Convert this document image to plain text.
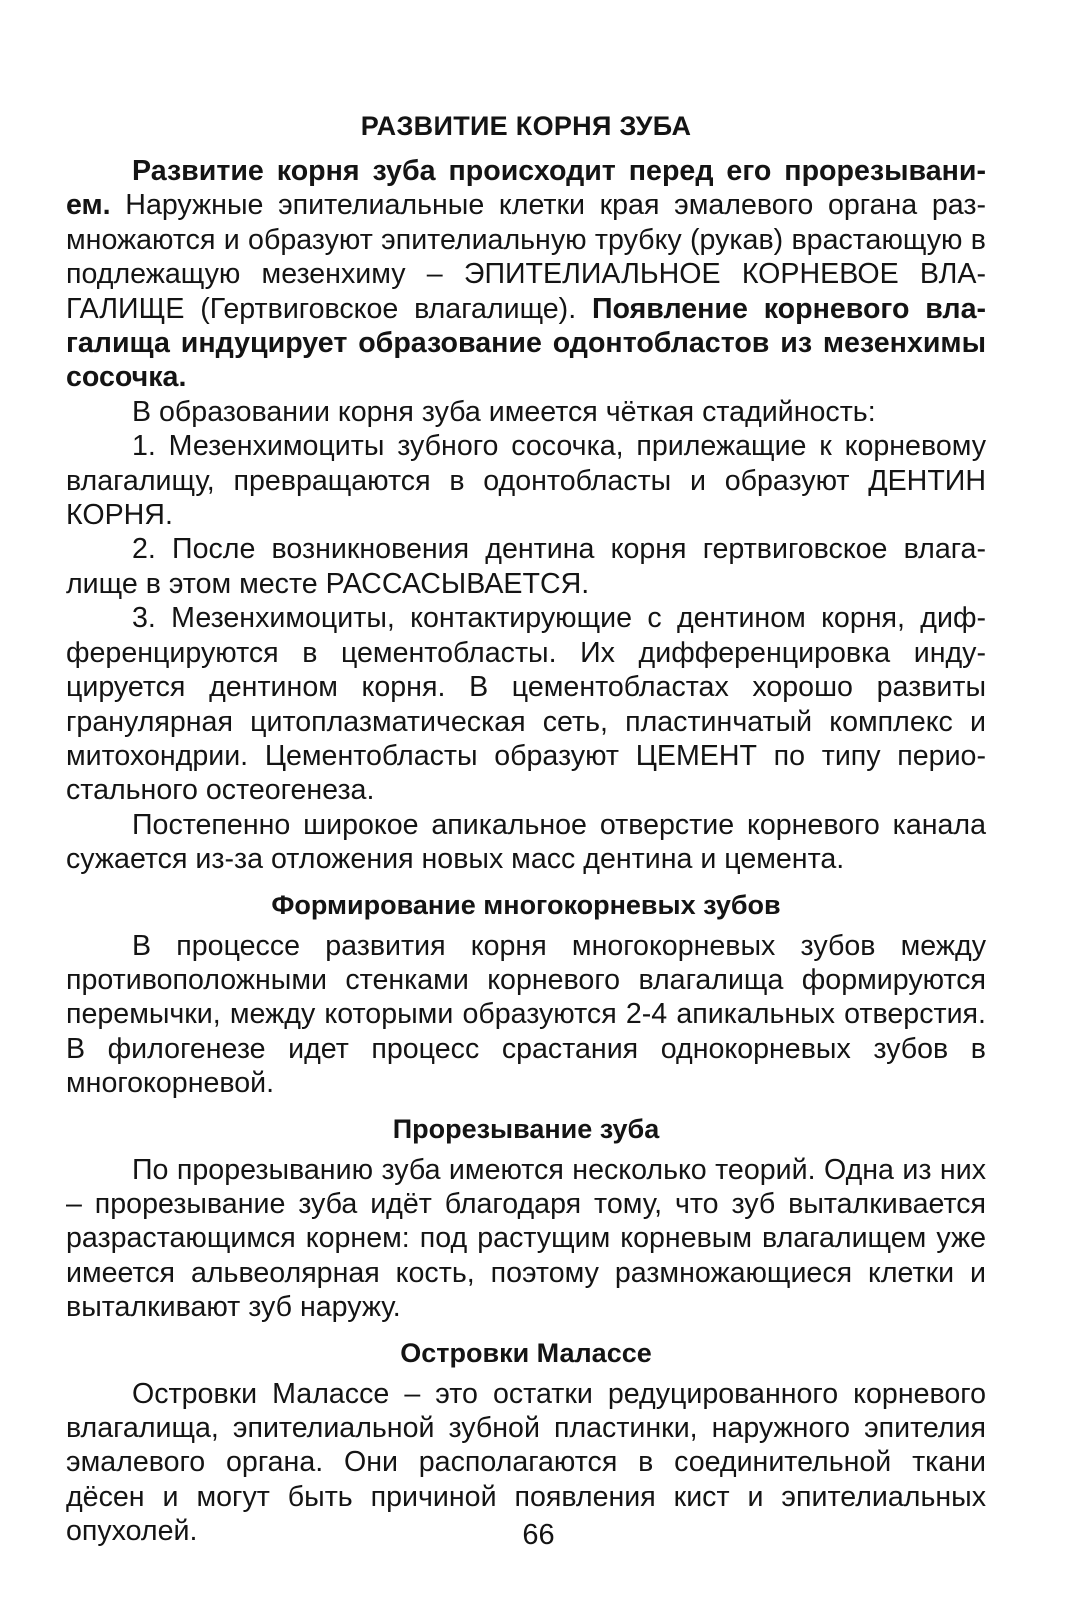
РАЗВИТИЕ КОРНЯ ЗУБА

Развитие корня зуба происходит перед его прорезыванием. Наружные эпителиальные клетки края эмалевого органа размножаются и образуют эпителиальную трубку (рукав) врастающую в подлежащую мезенхиму – ЭПИТЕЛИАЛЬНОЕ КОРНЕВОЕ ВЛАГАЛИЩЕ (Гертвиговское влагалище). Появление корневого влагалища индуцирует образование одонтобластов из мезенхимы сосочка.

В образовании корня зуба имеется чёткая стадийность:

1. Мезенхимоциты зубного сосочка, прилежащие к корневому влагалищу, превращаются в одонтобласты и образуют ДЕНТИН КОРНЯ.

2. После возникновения дентина корня гертвиговское влагалище в этом месте РАССАСЫВАЕТСЯ.

3. Мезенхимоциты, контактирующие с дентином корня, дифференцируются в цементобласты. Их дифференцировка индуцируется дентином корня. В цементобластах хорошо развиты гранулярная цитоплазматическая сеть, пластинчатый комплекс и митохондрии. Цементобласты образуют ЦЕМЕНТ по типу периостального остеогенеза.

Постепенно широкое апикальное отверстие корневого канала сужается из-за отложения новых масс дентина и цемента.

Формирование многокорневых зубов

В процессе развития корня многокорневых зубов между противоположными стенками корневого влагалища формируются перемычки, между которыми образуются 2-4 апикальных отверстия. В филогенезе идет процесс срастания однокорневых зубов в многокорневой.

Прорезывание зуба

По прорезыванию зуба имеются несколько теорий. Одна из них – прорезывание зуба идёт благодаря тому, что зуб выталкивается разрастающимся корнем: под растущим корневым влагалищем уже имеется альвеолярная кость, поэтому размножающиеся клетки и выталкивают зуб наружу.

Островки Малассе

Островки Малассе – это остатки редуцированного корневого влагалища, эпителиальной зубной пластинки, наружного эпителия эмалевого органа. Они располагаются в соединительной ткани дёсен и могут быть причиной появления кист и эпителиальных опухолей.	66
